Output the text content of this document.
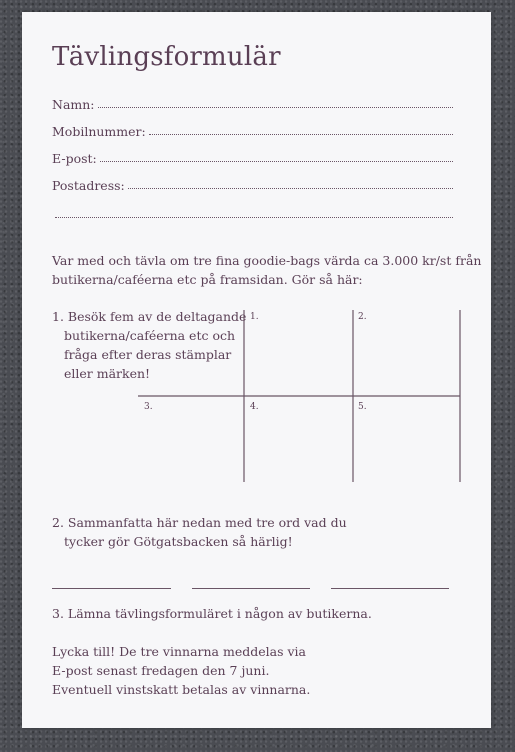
Tävlingsformulär
Namn:
Mobilnummer:
E-post:
Postadress:
Var med och tävla om tre fina goodie-bags värda ca 3.000 kr/st från
butikerna/caféerna etc på framsidan. Gör så här:
1. Besök fem av de deltagande
butikerna/caféerna etc och
fråga efter deras stämplar
eller märken!
1.	2.
3.	4.	5.
2. Sammanfatta här nedan med tre ord vad du
tycker gör Götgatsbacken så härlig!
3. Lämna tävlingsformuläret i någon av butikerna.
Lycka till! De tre vinnarna meddelas via
E-post senast fredagen den 7 juni.
Eventuell vinstskatt betalas av vinnarna.
